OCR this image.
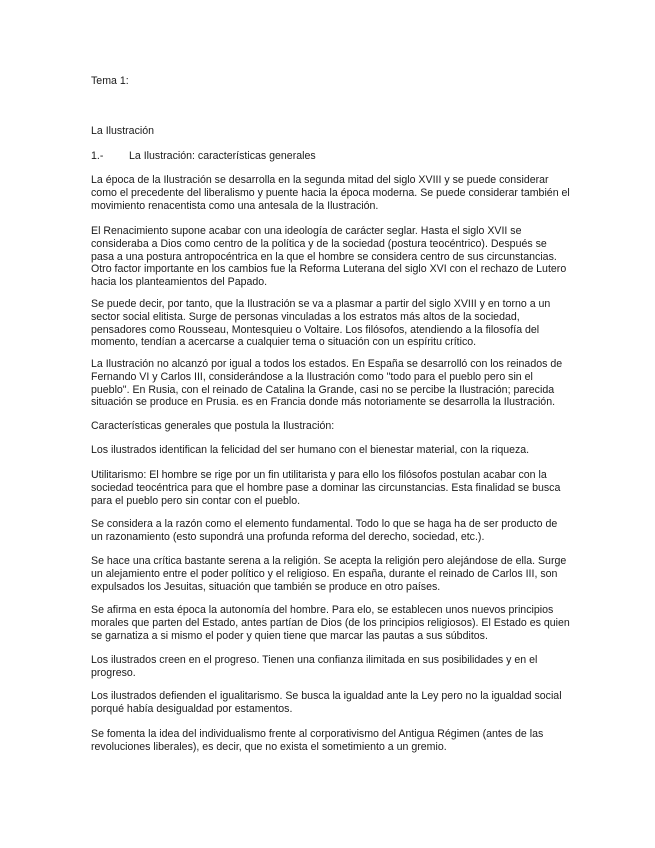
Tema 1:
La Ilustración
1.- La Ilustración: características generales

La época de la Ilustración se desarrolla en la segunda mitad del siglo XVIII y se puede considerar como el precedente del liberalismo y puente hacia la época moderna. Se puede considerar también el movimiento renacentista como una antesala de la Ilustración.

El Renacimiento supone acabar con una ideología de carácter seglar. Hasta el siglo XVII se consideraba a Dios como centro de la política y de la sociedad (postura teocéntrico). Después se pasa a una postura antropocéntrica en la que el hombre se considera centro de sus circunstancias. Otro factor importante en los cambios fue la Reforma Luterana del siglo XVI con el rechazo de Lutero hacia los planteamientos del Papado.

Se puede decir, por tanto, que la Ilustración se va a plasmar a partir del siglo XVIII y en torno a un sector social elitista. Surge de personas vinculadas a los estratos más altos de la sociedad, pensadores como Rousseau, Montesquieu o Voltaire. Los filósofos, atendiendo a la filosofía del momento, tendían a acercarse a cualquier tema o situación con un espíritu crítico.

La Ilustración no alcanzó por igual a todos los estados. En España se desarrolló con los reinados de Fernando VI y Carlos III, considerándose a la Ilustración como "todo para el pueblo pero sin el pueblo". En Rusia, con el reinado de Catalina la Grande, casi no se percibe la Ilustración; parecida situación se produce en Prusia. es en Francia donde más notoriamente se desarrolla la Ilustración.

Características generales que postula la Ilustración:

Los ilustrados identifican la felicidad del ser humano con el bienestar material, con la riqueza.

Utilitarismo: El hombre se rige por un fin utilitarista y para ello los filósofos postulan acabar con la sociedad teocéntrica para que el hombre pase a dominar las circunstancias. Esta finalidad se busca para el pueblo pero sin contar con el pueblo.

Se considera a la razón como el elemento fundamental. Todo lo que se haga ha de ser producto de un razonamiento (esto supondrá una profunda reforma del derecho, sociedad, etc.).

Se hace una crítica bastante serena a la religión. Se acepta la religión pero alejándose de ella. Surge un alejamiento entre el poder político y el religioso. En españa, durante el reinado de Carlos III, son expulsados los Jesuitas, situación que también se produce en otro países.

Se afirma en esta época la autonomía del hombre. Para elo, se establecen unos nuevos principios morales que parten del Estado, antes partían de Dios (de los principios religiosos). El Estado es quien se garnatiza a si mismo el poder y quien tiene que marcar las pautas a sus súbditos.

Los ilustrados creen en el progreso. Tienen una confianza ilimitada en sus posibilidades y en el progreso.

Los ilustrados defienden el igualitarismo. Se busca la igualdad ante la Ley pero no la igualdad social porqué había desigualdad por estamentos.

Se fomenta la idea del individualismo frente al corporativismo del Antigua Régimen (antes de las revoluciones liberales), es decir, que no exista el sometimiento a un gremio.
